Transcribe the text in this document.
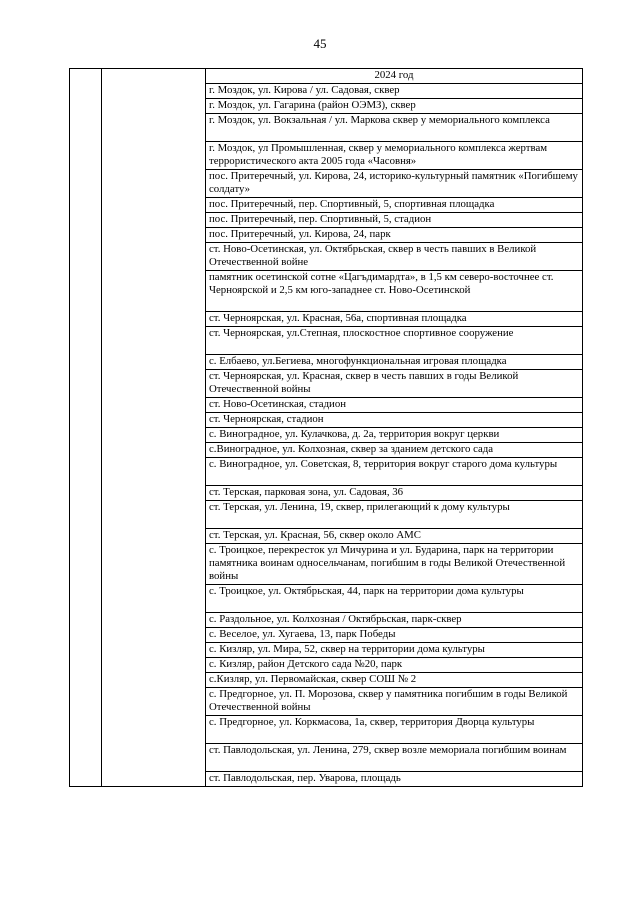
45
		2024 год
г. Моздок, ул. Кирова / ул. Садовая, сквер
г. Моздок, ул. Гагарина (район ОЭМЗ), сквер
г. Моздок, ул. Вокзальная / ул. Маркова сквер у мемориального комплекса
г. Моздок, ул Промышленная, сквер у мемориального комплекса жертвам террористического акта 2005 года «Часовня»
пос. Притеречный, ул. Кирова, 24, историко-культурный памятник «Погибшему солдату»
пос. Притеречный, пер. Спортивный, 5, спортивная площадка
пос. Притеречный, пер. Спортивный, 5, стадион
пос. Притеречный, ул. Кирова, 24, парк
ст. Ново-Осетинская, ул. Октябрьская, сквер в честь павших в Великой Отечественной войне
памятник осетинской сотне «Цагъдимардта», в 1,5 км северо-восточнее ст. Черноярской и 2,5 км юго-западнее ст. Ново-Осетинской
ст. Черноярская, ул. Красная, 56а, спортивная площадка
ст. Черноярская, ул.Степная, плоскостное спортивное сооружение
с. Елбаево, ул.Бегиева, многофункциональная игровая площадка
ст. Черноярская, ул. Красная, сквер в честь павших в годы Великой Отечественной войны
ст. Ново-Осетинская, стадион
ст. Черноярская, стадион
с. Виноградное, ул. Кулачкова, д. 2а, территория вокруг церкви
с.Виноградное, ул. Колхозная, сквер за зданием детского сада
с. Виноградное, ул. Советская, 8, территория вокруг старого дома культуры
ст. Терская, парковая зона, ул. Садовая, 36
ст. Терская, ул. Ленина, 19, сквер, прилегающий к дому культуры
ст. Терская, ул. Красная, 56, сквер около АМС
с. Троицкое, перекресток ул Мичурина и ул. Бударина, парк на территории памятника воинам односельчанам, погибшим в годы Великой Отечественной войны
с. Троицкое, ул. Октябрьская, 44, парк на территории дома культуры
с. Раздольное, ул. Колхозная / Октябрьская, парк-сквер
с. Веселое, ул. Хугаева, 13, парк Победы
с. Кизляр, ул. Мира, 52, сквер на территории дома культуры
с. Кизляр, район Детского сада №20, парк
с.Кизляр, ул. Первомайская, сквер СОШ № 2
с. Предгорное, ул. П. Морозова, сквер у памятника погибшим в годы Великой Отечественной войны
с. Предгорное, ул. Коркмасова, 1а, сквер, территория Дворца культуры
ст. Павлодольская, ул. Ленина, 279, сквер возле мемориала погибшим воинам
ст. Павлодольская, пер. Уварова, площадь
